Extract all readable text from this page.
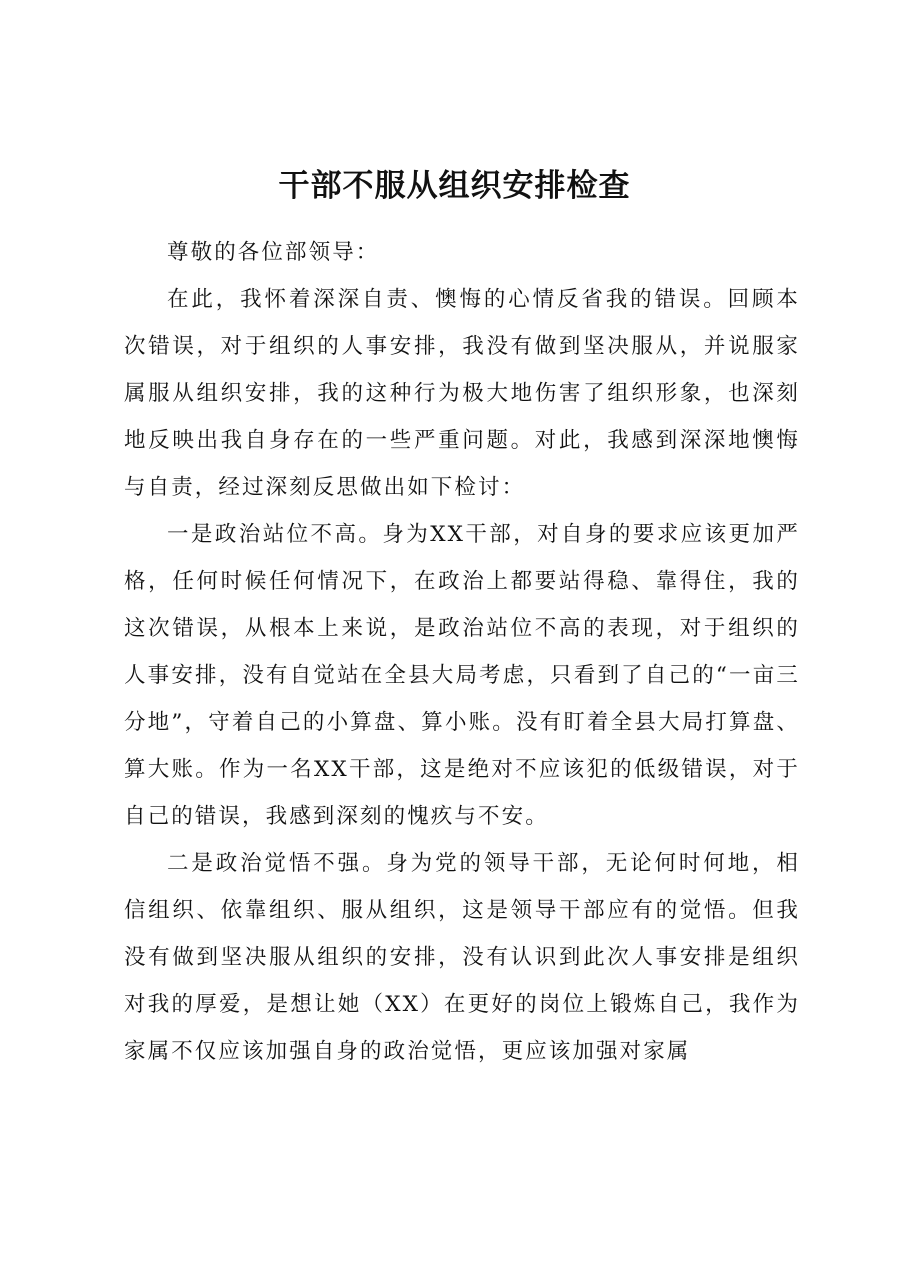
干部不服从组织安排检查

尊敬的各位部领导：

在此，我怀着深深自责、懊悔的心情反省我的错误。回顾本次错误，对于组织的人事安排，我没有做到坚决服从，并说服家属服从组织安排，我的这种行为极大地伤害了组织形象，也深刻地反映出我自身存在的一些严重问题。对此，我感到深深地懊悔与自责，经过深刻反思做出如下检讨：

一是政治站位不高。身为XX干部，对自身的要求应该更加严格，任何时候任何情况下，在政治上都要站得稳、靠得住，我的这次错误，从根本上来说，是政治站位不高的表现，对于组织的人事安排，没有自觉站在全县大局考虑，只看到了自己的“一亩三分地”，守着自己的小算盘、算小账。没有盯着全县大局打算盘、算大账。作为一名XX干部，这是绝对不应该犯的低级错误，对于自己的错误，我感到深刻的愧疚与不安。

二是政治觉悟不强。身为党的领导干部，无论何时何地，相信组织、依靠组织、服从组织，这是领导干部应有的觉悟。但我没有做到坚决服从组织的安排，没有认识到此次人事安排是组织对我的厚爱，是想让她（XX）在更好的岗位上锻炼自己，我作为家属不仅应该加强自身的政治觉悟，更应该加强对家属
